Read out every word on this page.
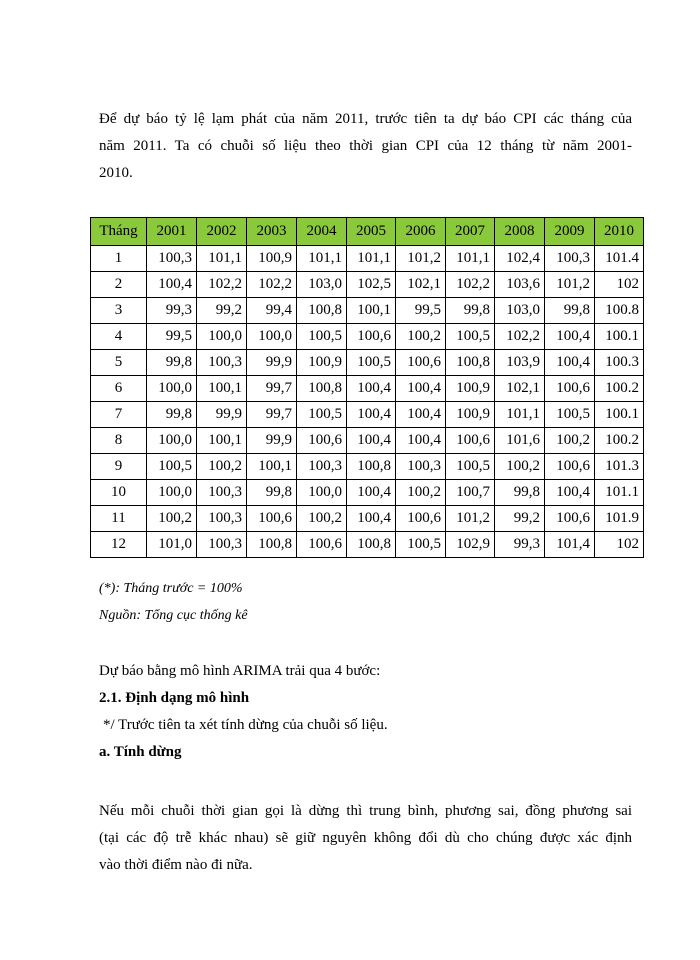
Để dự báo tỷ lệ lạm phát của năm 2011, trước tiên ta dự báo CPI các tháng của
năm 2011. Ta có chuỗi số liệu theo thời gian CPI của 12 tháng từ năm 2001-
2010.
Tháng	2001	2002	2003	2004	2005	2006	2007	2008	2009	2010
1	100,3	101,1	100,9	101,1	101,1	101,2	101,1	102,4	100,3	101.4
2	100,4	102,2	102,2	103,0	102,5	102,1	102,2	103,6	101,2	102
3	99,3	99,2	99,4	100,8	100,1	99,5	99,8	103,0	99,8	100.8
4	99,5	100,0	100,0	100,5	100,6	100,2	100,5	102,2	100,4	100.1
5	99,8	100,3	99,9	100,9	100,5	100,6	100,8	103,9	100,4	100.3
6	100,0	100,1	99,7	100,8	100,4	100,4	100,9	102,1	100,6	100.2
7	99,8	99,9	99,7	100,5	100,4	100,4	100,9	101,1	100,5	100.1
8	100,0	100,1	99,9	100,6	100,4	100,4	100,6	101,6	100,2	100.2
9	100,5	100,2	100,1	100,3	100,8	100,3	100,5	100,2	100,6	101.3
10	100,0	100,3	99,8	100,0	100,4	100,2	100,7	99,8	100,4	101.1
11	100,2	100,3	100,6	100,2	100,4	100,6	101,2	99,2	100,6	101.9
12	101,0	100,3	100,8	100,6	100,8	100,5	102,9	99,3	101,4	102
(*): Tháng trước = 100%
Nguồn: Tổng cục thống kê
Dự báo bằng mô hình ARIMA trải qua 4 bước:
2.1. Định dạng mô hình
*/ Trước tiên ta xét tính dừng của chuỗi số liệu.
a. Tính dừng
Nếu mỗi chuỗi thời gian gọi là dừng thì trung bình, phương sai, đồng phương sai
(tại các độ trễ khác nhau) sẽ giữ nguyên không đổi dù cho chúng được xác định
vào thời điểm nào đi nữa.
